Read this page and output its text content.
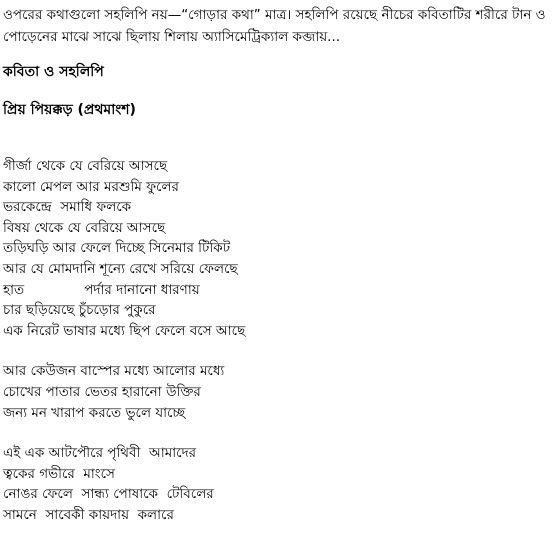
ওপরের কথাগুলো সহলিপি নয়—“গোড়ার কথা” মাত্র। সহলিপি রয়েছে নীচের কবিতাটির শরীরে টান ও পোড়েনের মাঝে সাঝে ছিলায় শিলায় অ্যাসিমেট্রিক্যাল কব্জায়...

কবিতা ও সহলিপি

প্রিয় পিয়ক্কড় (প্রথমাংশ)

গীর্জা থেকে যে বেরিয়ে আসছে
কালো মেপল আর মরশুমি ফুলের
ভরকেন্দ্রে  সমাধি ফলকে
বিষয় থেকে যে বেরিয়ে আসছে
তড়িঘড়ি আর ফেলে দিচ্ছে সিনেমার টিকিট
আর যে মোমদানি শূন্যে রেখে সরিয়ে ফেলছে
হাত              পর্দার দানানো ধারণায়
চার ছড়িয়েছে চুঁচড়োর পুকুরে
এক নিরেট ভাষার মধ্যে ছিপ ফেলে বসে আছে
আর কেউজন বাস্পের মধ্যে আলোর মধ্যে
চোখের পাতার ভেতর হারানো উক্তির
জন্য মন খারাপ করতে ভুলে যাচ্ছে
এই এক আটপৌরে পৃথিবী  আমাদের
ত্বকের গভীরে  মাংসে
নোঙর ফেলে  সান্ধ্য পোষাকে  টেবিলের
সামনে  সাবেকী কায়দায়  কলারে
